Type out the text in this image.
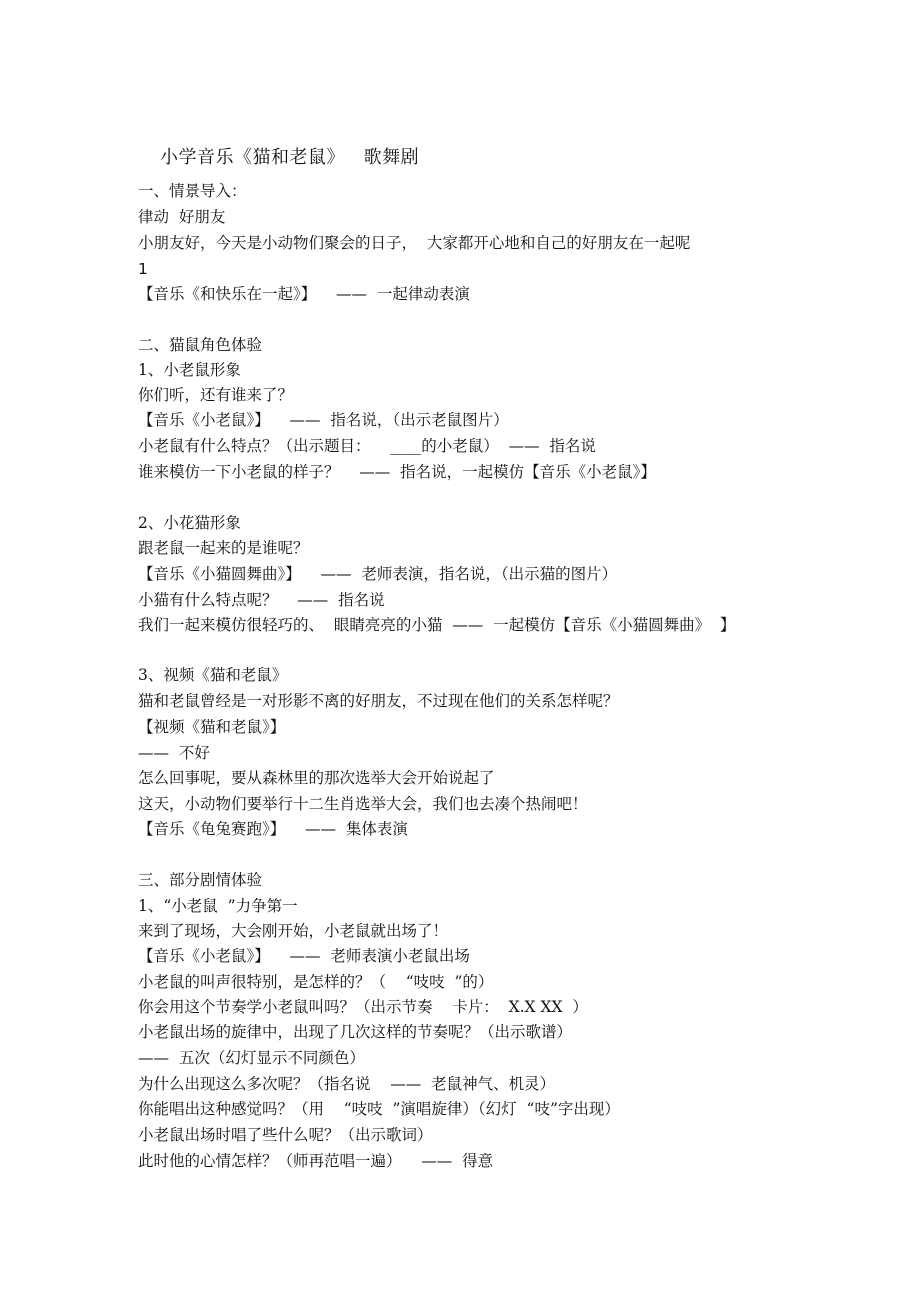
小学音乐《猫和老鼠》   歌舞剧
一、情景导入：
律动  好朋友
小朋友好，今天是小动物们聚会的日子，  大家都开心地和自己的好朋友在一起呢
1
【音乐《和快乐在一起》】    ——  一起律动表演
二、猫鼠角色体验
1、小老鼠形象
你们听，还有谁来了？
【音乐《小老鼠》】    ——  指名说，（出示老鼠图片）
小老鼠有什么特点？（出示题目：    ____的小老鼠）  ——  指名说
谁来模仿一下小老鼠的样子？    ——  指名说，一起模仿【音乐《小老鼠》】
2、小花猫形象
跟老鼠一起来的是谁呢？
【音乐《小猫圆舞曲》】    ——  老师表演，指名说，（出示猫的图片）
小猫有什么特点呢？    ——  指名说
我们一起来模仿很轻巧的、  眼睛亮亮的小猫  ——  一起模仿【音乐《小猫圆舞曲》  】
3、视频《猫和老鼠》
猫和老鼠曾经是一对形影不离的好朋友，不过现在他们的关系怎样呢？
【视频《猫和老鼠》】
——  不好
怎么回事呢，要从森林里的那次选举大会开始说起了
这天，小动物们要举行十二生肖选举大会，我们也去凑个热闹吧！
【音乐《龟兔赛跑》】    ——  集体表演
三、部分剧情体验
1、“小老鼠  ”力争第一
来到了现场，大会刚开始，小老鼠就出场了！
【音乐《小老鼠》】    ——  老师表演小老鼠出场
小老鼠的叫声很特别，是怎样的？（    “吱吱  ”的）
你会用这个节奏学小老鼠叫吗？（出示节奏    卡片：  X.X XX  ）
小老鼠出场的旋律中，出现了几次这样的节奏呢？（出示歌谱）
——  五次（幻灯显示不同颜色）
为什么出现这么多次呢？（指名说    ——  老鼠神气、机灵）
你能唱出这种感觉吗？（用    “吱吱  ”演唱旋律）（幻灯  “吱”字出现）
小老鼠出场时唱了些什么呢？（出示歌词）
此时他的心情怎样？（师再范唱一遍）    ——  得意
